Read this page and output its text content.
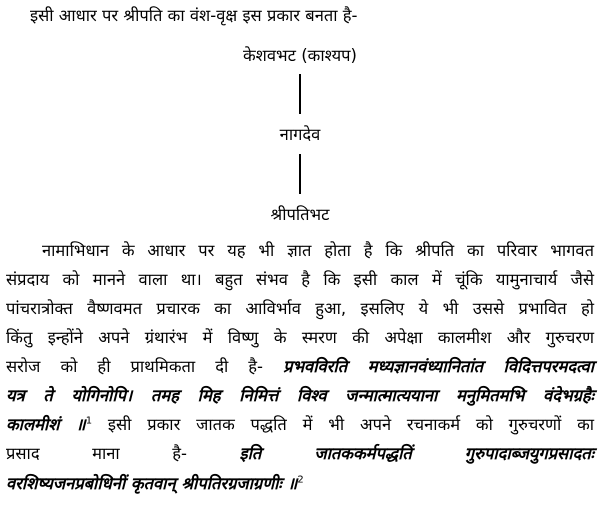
इसी आधार पर श्रीपति का वंश-वृक्ष इस प्रकार बनता है-
केशवभट (काश्यप)
नागदेव
श्रीपतिभट
नामाभिधान के आधार पर यह भी ज्ञात होता है कि श्रीपति का परिवार भागवत
संप्रदाय को मानने वाला था। बहुत संभव है कि इसी काल में चूंकि यामुनाचार्य जैसे
पांचरात्रोक्त वैष्णवमत प्रचारक का आविर्भाव हुआ, इसलिए ये भी उससे प्रभावित हो
किंतु इन्होंने अपने ग्रंथारंभ में विष्णु के स्मरण की अपेक्षा कालमीश और गुरुचरण
सरोज को ही प्राथमिकता दी है- प्रभवविरति मध्यज्ञानवंध्यानितांत विदित्तपरमदत्वा
यत्र ते योगिनोपि। तमह मिह निमित्तं विश्व जन्मात्मात्ययाना मनुमितमभि वंदेभग्रहैः
कालमीशं ॥$^1$ इसी प्रकार जातक पद्धति में भी अपने रचनाकर्म को गुरुचरणों का
प्रसाद माना है-	इति जातककर्मपद्धतिं गुरुपादाब्जयुगप्रसादतः
वरशिष्यजनप्रबोधिनीं कृतवान् श्रीपतिरग्रजाग्रणीः ॥$^2$
